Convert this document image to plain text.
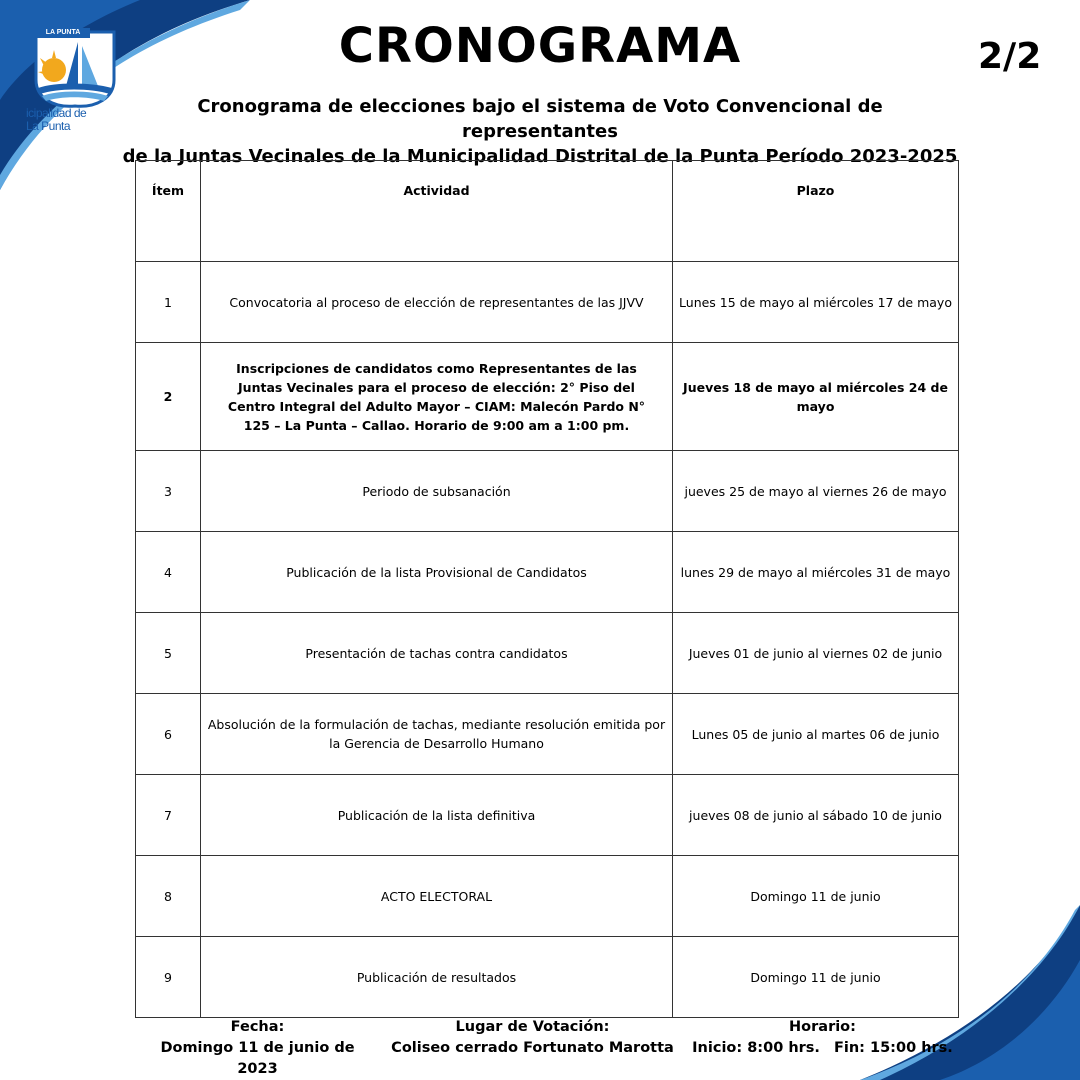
LA PUNTA
icipalidad de
La Punta
CRONOGRAMA	2/2
Cronograma de elecciones bajo el sistema de Voto Convencional de representantes
de la Juntas Vecinales de la Municipalidad Distrital de la Punta Período 2023-2025
Ítem	Actividad	Plazo
1	Convocatoria al proceso de elección de representantes de las JJVV	Lunes 15 de mayo al miércoles 17 de mayo
2	Inscripciones de candidatos como Representantes de las Juntas Vecinales para el proceso de elección: 2° Piso del Centro Integral del Adulto Mayor – CIAM: Malecón Pardo N° 125 – La Punta – Callao. Horario de 9:00 am a 1:00 pm.	Jueves 18 de mayo al miércoles 24 de mayo
3	Periodo de subsanación	jueves 25 de mayo al viernes 26 de mayo
4	Publicación de la lista Provisional de Candidatos	lunes 29 de mayo al miércoles 31 de mayo
5	Presentación de tachas contra candidatos	Jueves 01 de junio al viernes 02 de junio
6	Absolución de la formulación de tachas, mediante resolución emitida por la Gerencia de Desarrollo Humano	Lunes 05 de junio al martes 06 de junio
7	Publicación de la lista definitiva	jueves 08 de junio al sábado 10 de junio
8	ACTO ELECTORAL	Domingo 11 de junio
9	Publicación de resultados	Domingo 11 de junio
Fecha:
Domingo 11 de junio de 2023
Lugar de Votación:
Coliseo cerrado Fortunato Marotta
Horario:
Inicio: 8:00 hrs. Fin: 15:00 hrs.
